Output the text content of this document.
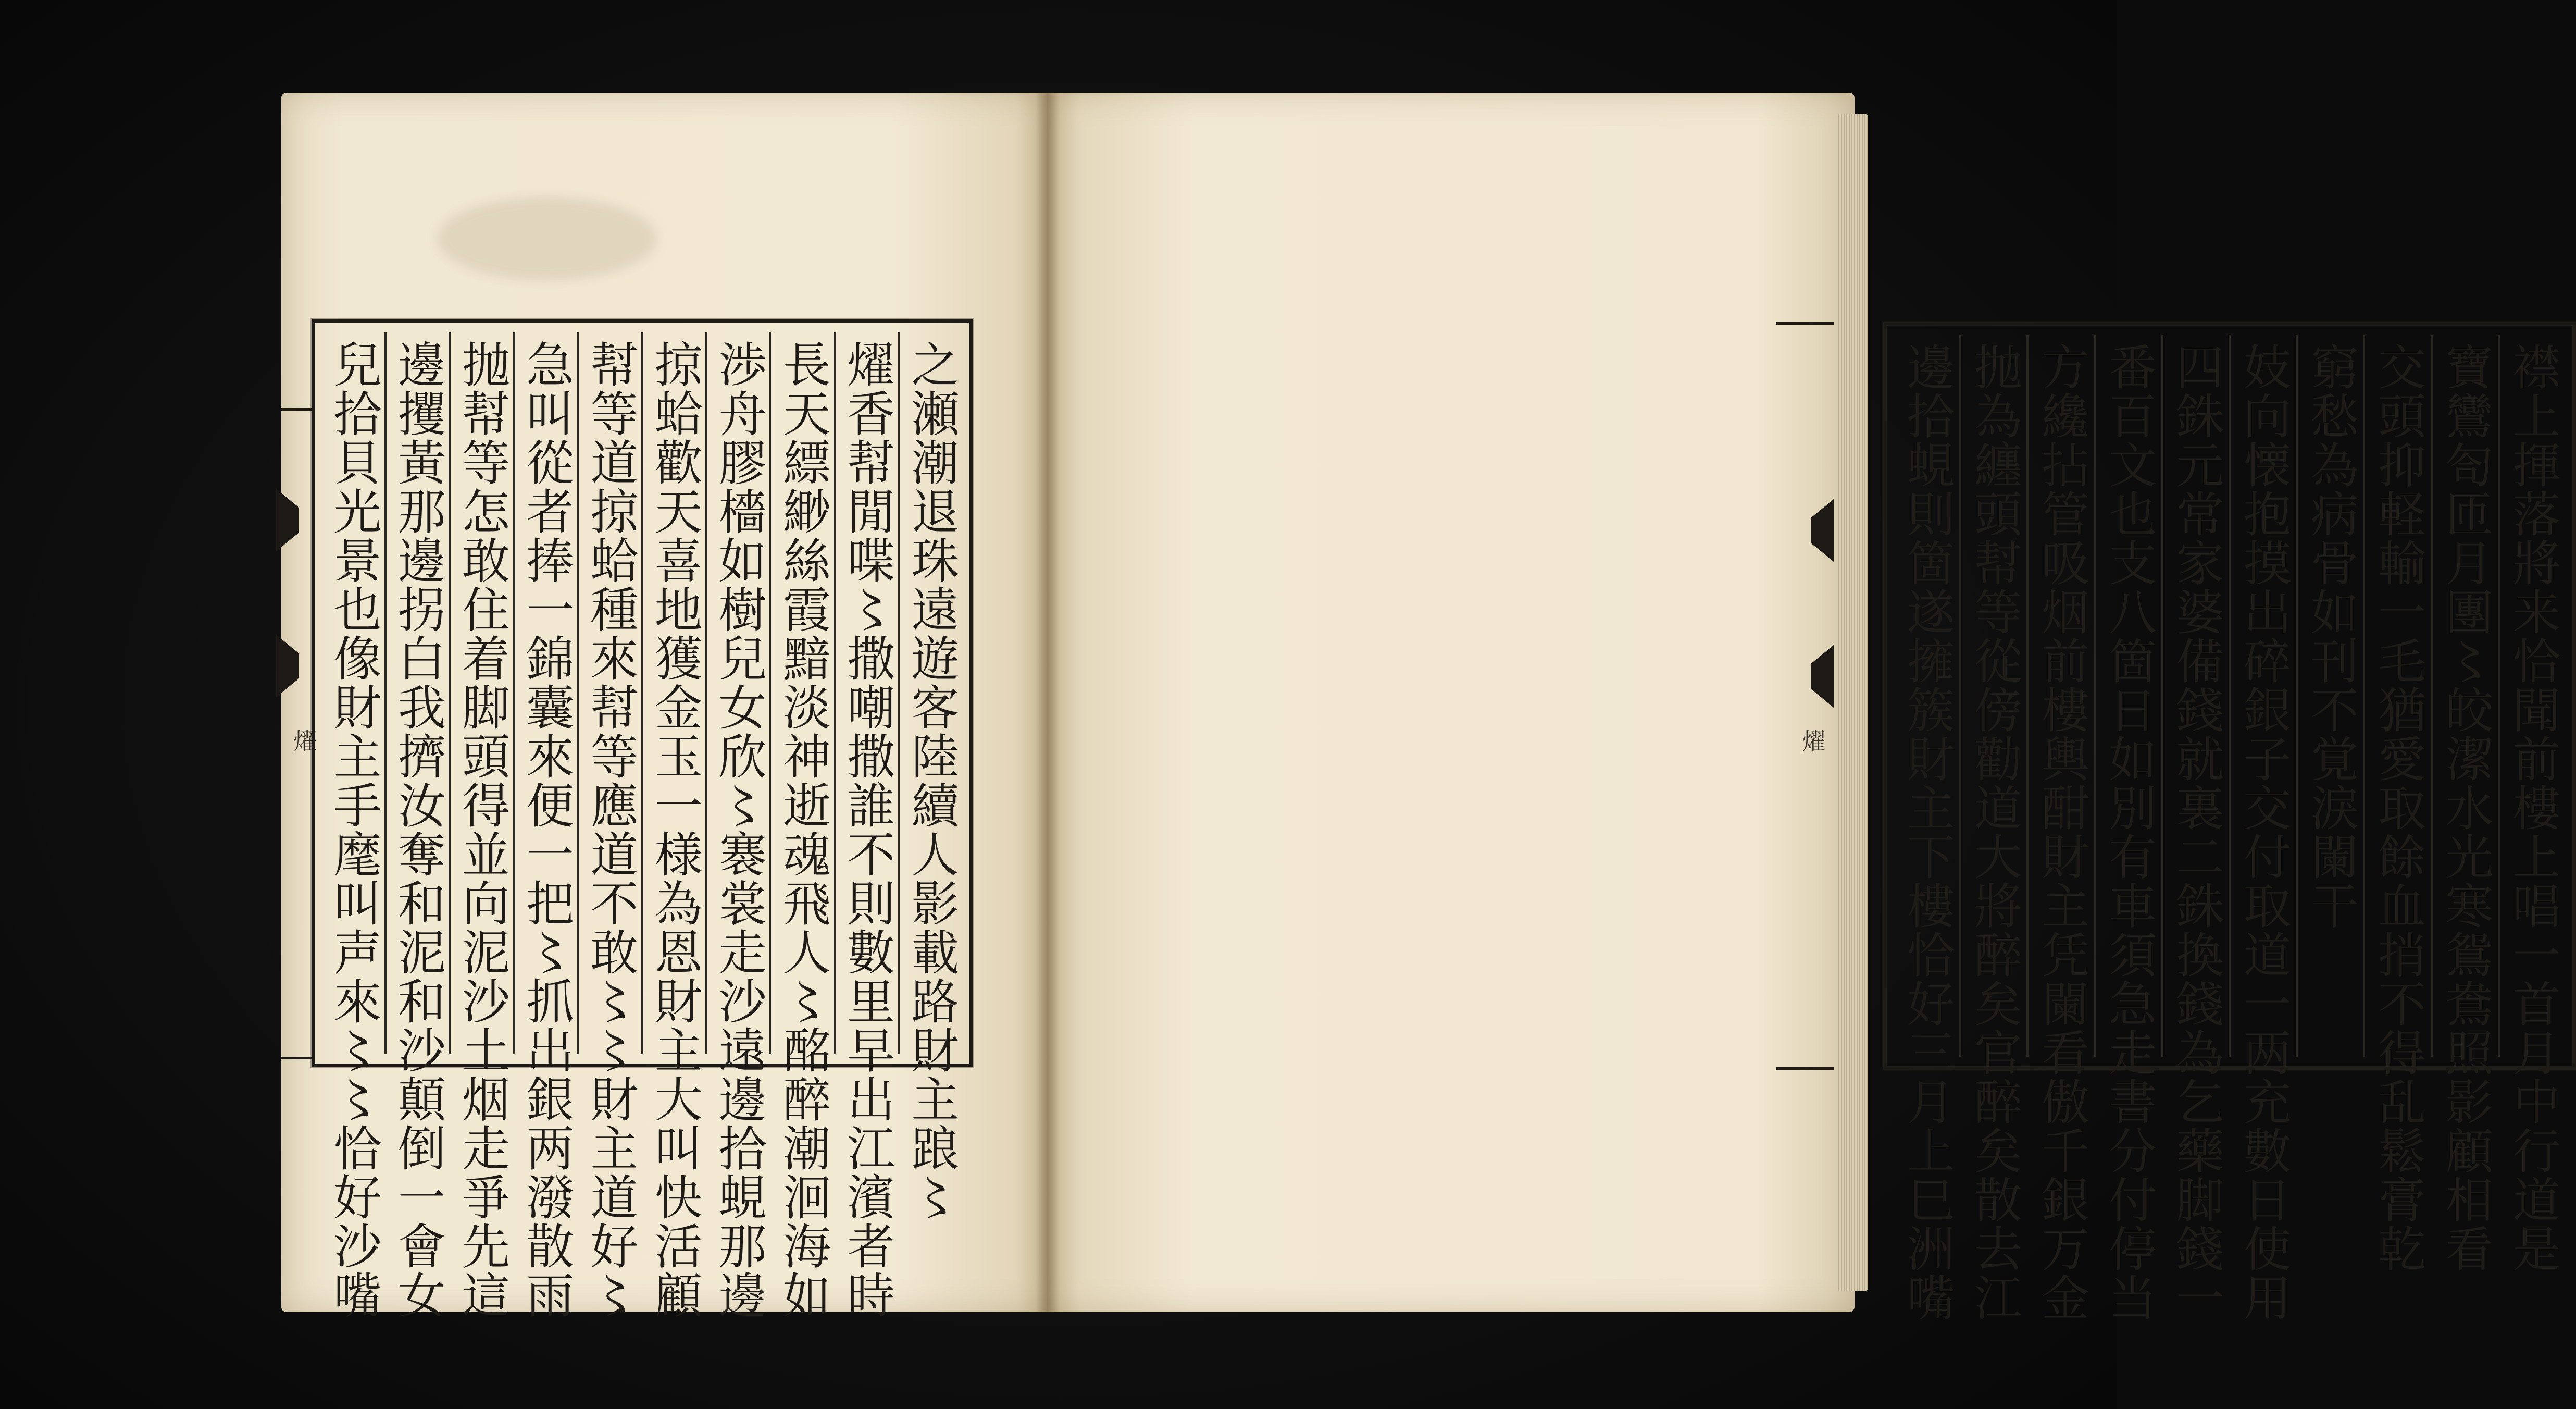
燿	之瀬潮退珠遠遊客陸續人影載路財主踉〻
燿香幇閒喋〻撒嘲撒誰不則數里早出江濱者時
長天縹緲絲霞黯淡神逝魂飛人〻酩醉潮洄海如
渉舟膠檣如樹兒女欣〻褰裳走沙遠邊拾蜆那邊
掠蛤歡天喜地獲金玉一様為恩財主大叫快活顧
幇等道掠蛤種來幇等應道不敢〻〻財主道好〻
急叫從者捧一錦囊來便一把〻抓出銀两潑散雨
抛幇等怎敢住着脚頭得並向泥沙土烟走爭先這
邊攫黃那邊拐白我擠汝奪和泥和沙顛倒一會女
兒拾貝光景也像財主手麾叫声來〻〻恰好沙嘴	燿	襟上揮落將来恰聞前樓上唱一首月中行道是
寶鸞匌匝月團〻皎潔水光寒鴛鴦照影顧相看
交頭抑軽輸一毛猶愛取餘血捎不得乱鬆膏乾
窮愁為病骨如刊不覚淚闌干
妓向懐抱摸出碎銀子交付取道一两充數日使用
四銖元常家婆備錢就裏二銖換錢為乞藥脚錢一
番百文也支八箇日如別有車須急走書分付停当
方纔拈管吸烟前樓輿酣財主凭闌看傲千銀万金
抛為纏頭幇等從傍勸道大將醉矣官醉矣散去江
邊拾蜆則箇遂擁簇財主下樓恰好三月上巳洲嘴
